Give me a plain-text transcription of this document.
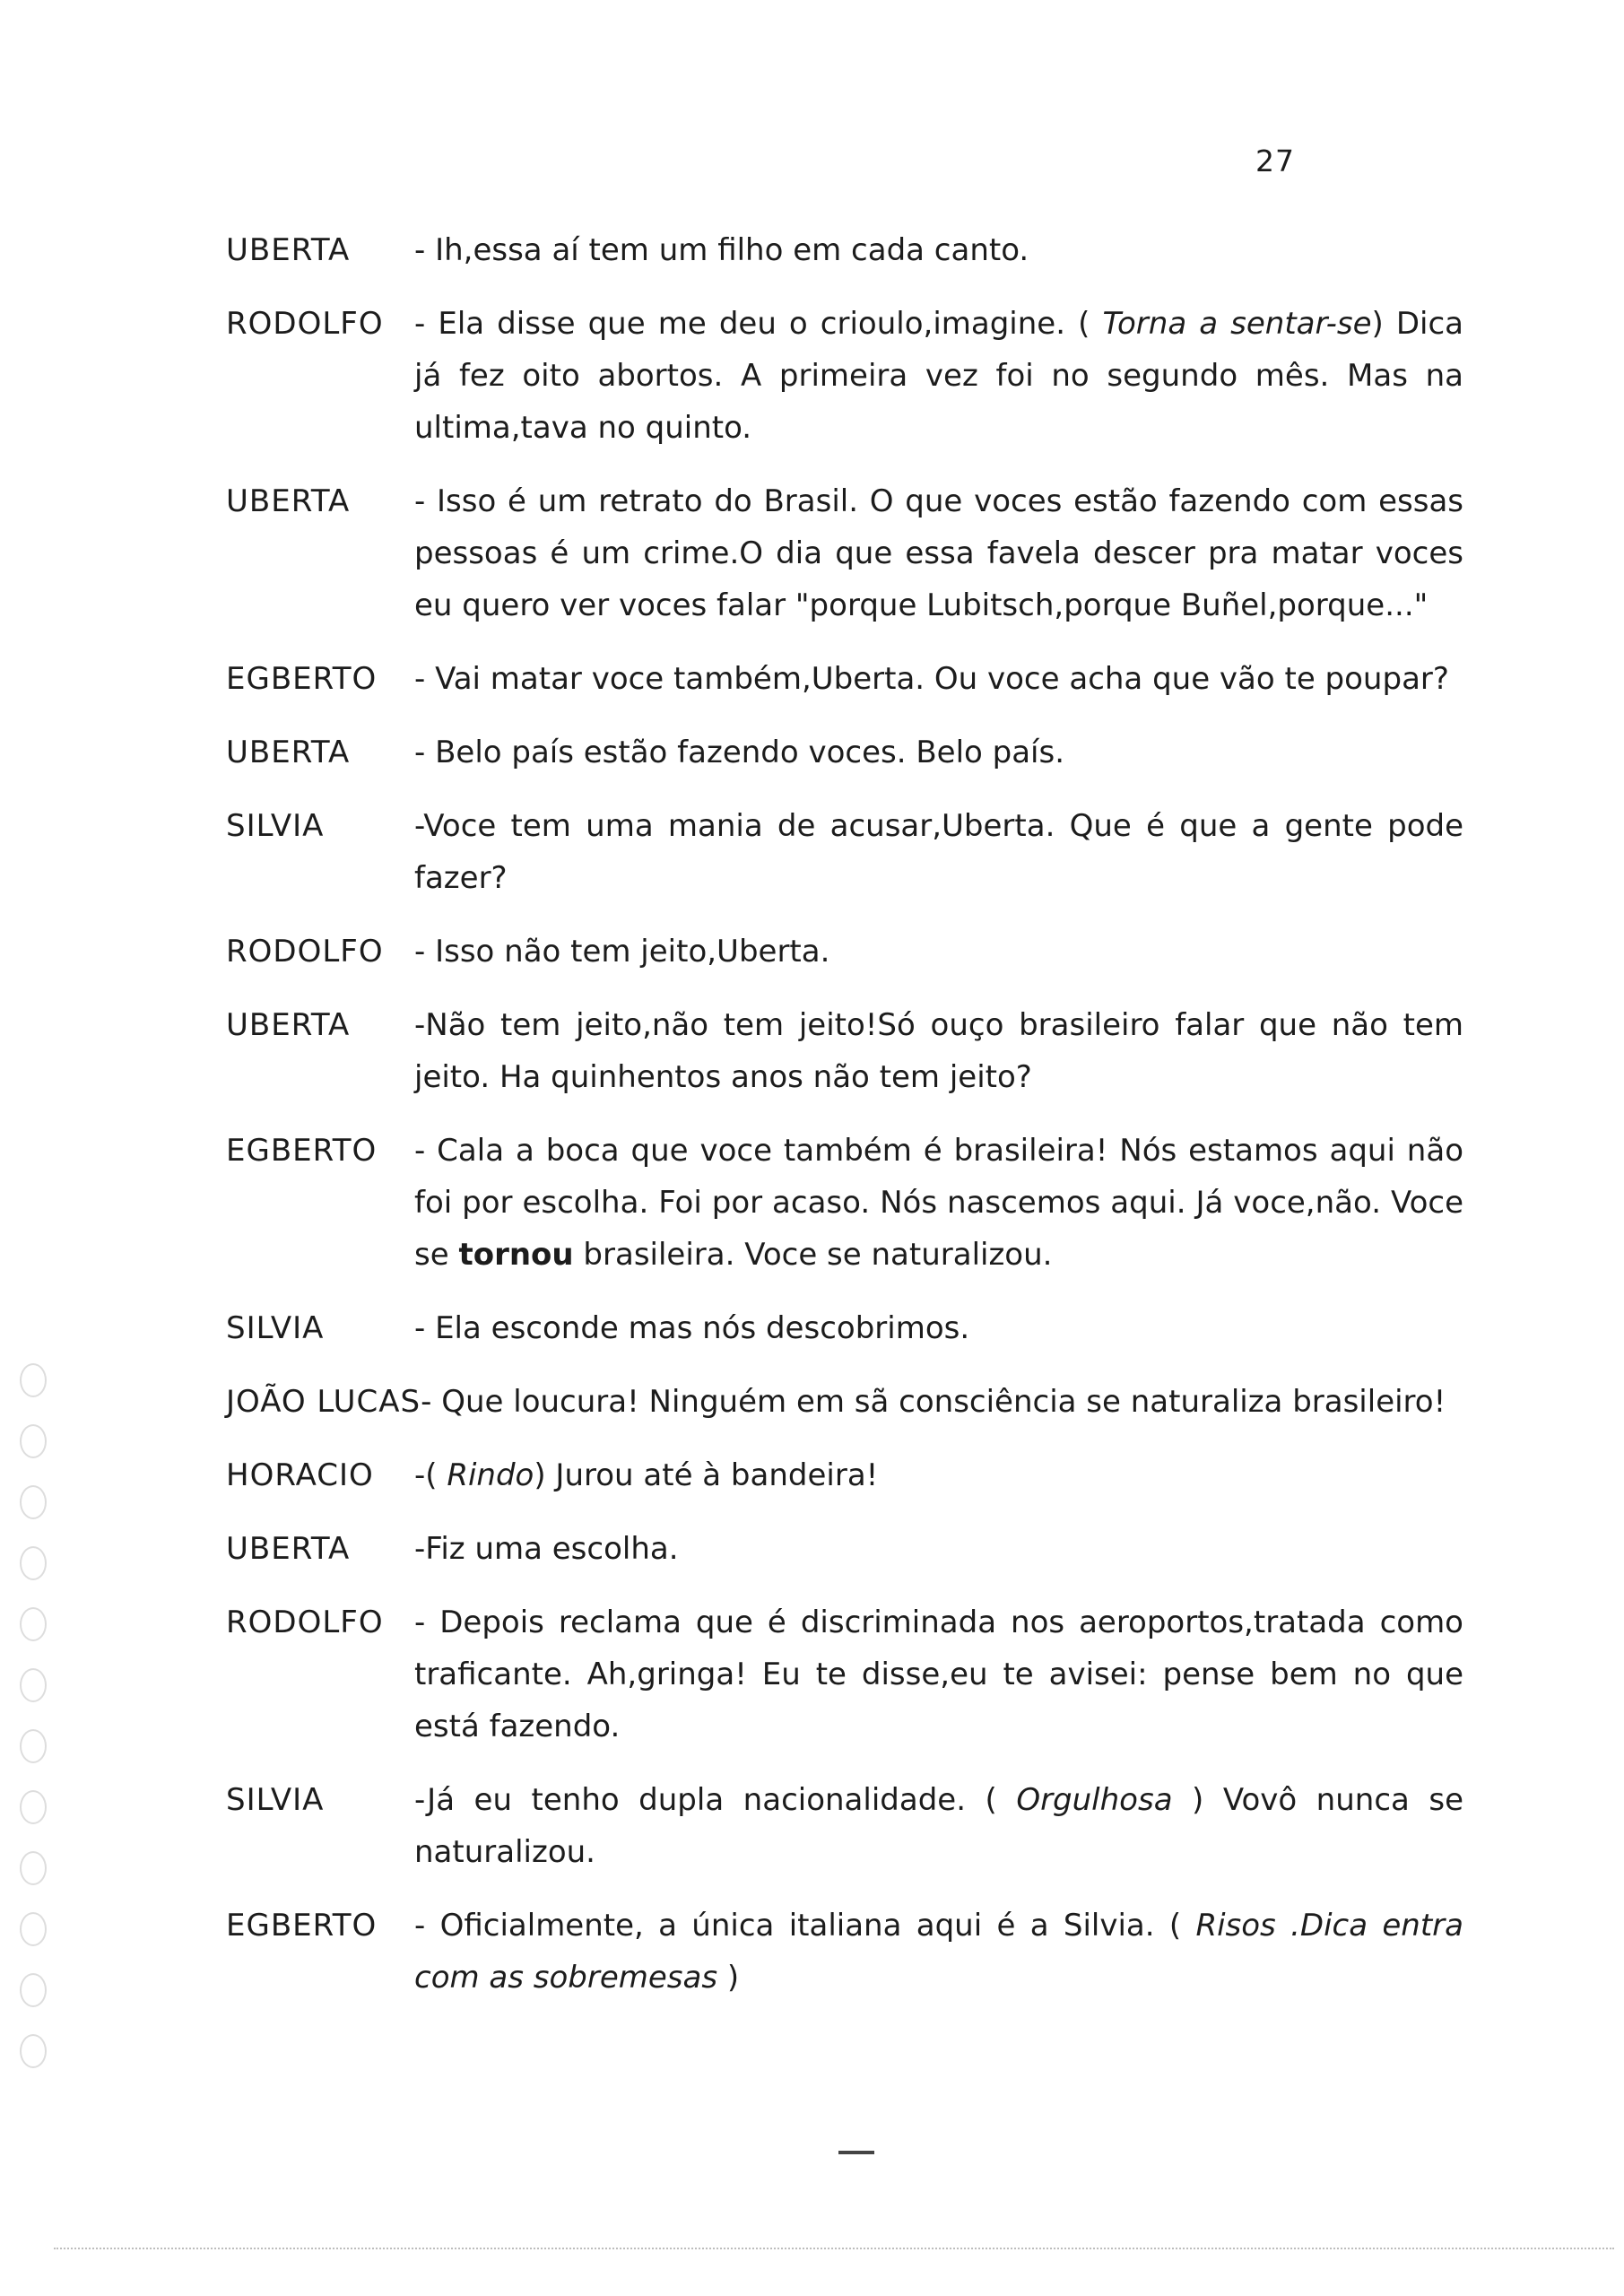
27
UBERTA	- Ih,essa aí tem um filho em cada canto.
RODOLFO	- Ela disse que me deu o crioulo,imagine. ( Torna a sentar-se) Dica já fez oito abortos. A primeira vez foi no segundo mês. Mas na ultima,tava no quinto.
UBERTA	- Isso é um retrato do Brasil. O que voces estão fazendo com essas pessoas é um crime.O dia que essa favela descer pra matar voces eu quero ver voces falar "porque Lubitsch,porque Buñel,porque..."
EGBERTO	- Vai matar voce também,Uberta. Ou voce acha que vão te poupar?
UBERTA	- Belo país estão fazendo voces. Belo país.
SILVIA	-Voce tem uma mania de acusar,Uberta. Que é que a gente pode fazer?
RODOLFO	- Isso não tem jeito,Uberta.
UBERTA	-Não tem jeito,não tem jeito!Só ouço brasileiro falar que não tem jeito. Ha quinhentos anos não tem jeito?
EGBERTO	- Cala a boca que voce também é brasileira! Nós estamos aqui não foi por escolha. Foi por acaso. Nós nascemos aqui. Já voce,não. Voce se tornou brasileira. Voce se naturalizou.
SILVIA	- Ela esconde mas nós descobrimos.
JOÃO LUCAS - Que loucura! Ninguém em sã consciência se naturaliza brasileiro!
HORACIO	-( Rindo) Jurou até à bandeira!
UBERTA	-Fiz uma escolha.
RODOLFO	- Depois reclama que é discriminada nos aeroportos,tratada como traficante. Ah,gringa! Eu te disse,eu te avisei: pense bem no que está fazendo.
SILVIA	-Já eu tenho dupla nacionalidade. ( Orgulhosa ) Vovô nunca se naturalizou.
EGBERTO	- Oficialmente, a única italiana aqui é a Silvia. ( Risos .Dica entra com as sobremesas )
